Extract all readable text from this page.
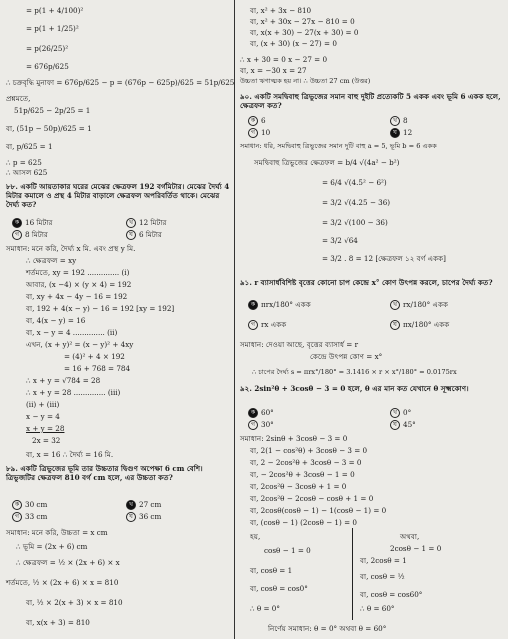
= p(1 + 4/100)²
= p(1 + 1/25)²
= p(26/25)²
= 676p/625
∴ চক্রবৃদ্ধি মুনাফা = 676p/625 − p = (676p − 625p)/625 = 51p/625
প্রশ্নমতে,
51p/625 − 2p/25 = 1
বা, (51p − 50p)/625 = 1
বা, p/625 = 1
∴ p = 625
∴ আসল 625
৮৮. একটি আয়তাকার ঘরের মেঝের ক্ষেত্রফল 192 বর্গমিটার। মেঝের দৈর্ঘ্য 4 মিটার কমালে ও প্রস্থ 4 মিটার বাড়ালে ক্ষেত্রফল অপরিবর্তিত থাকে। মেঝের দৈর্ঘ্য কত?
ক 16 মিটার	খ 12 মিটার
গ 8 মিটার	ঘ 6 মিটার
সমাধান: মনে করি, দৈর্ঘ্য x মি. এবং প্রস্থ y মি.
∴ ক্ষেত্রফল = xy
শর্তমতে, xy = 192 .............. (i)
আবার, (x −4) × (y × 4) = 192
বা, xy + 4x − 4y − 16 = 192
বা, 192 + 4(x − y) − 16 = 192 [xy = 192]
বা, 4(x − y) = 16
বা, x − y = 4 .............. (ii)
এখন, (x + y)² = (x − y)² + 4xy
= (4)² + 4 × 192
= 16 + 768 = 784
∴ x + y = √784 = 28
∴ x + y = 28 .............. (iii)
(ii) + (iii)
x − y = 4
x + y = 28
2x = 32
বা, x = 16 ∴ দৈর্ঘ্য = 16 মি.
৮৯. একটি ত্রিভুজের ভূমি তার উচ্চতার দ্বিগুণ অপেক্ষা 6 cm বেশি। ত্রিভুজটির ক্ষেত্রফল 810 বর্গ cm হলে, এর উচ্চতা কত?
ক 30 cm	খ 27 cm
গ 33 cm	ঘ 36 cm
সমাধান: মনে করি, উচ্চতা = x cm
∴ ভূমি = (2x + 6) cm
∴ ক্ষেত্রফল = ½ × (2x + 6) × x
শর্তমতে, ½ × (2x + 6) × x = 810
বা, ½ × 2(x + 3) × x = 810
বা, x(x + 3) = 810
বা, x² + 3x − 810
বা, x² + 30x − 27x − 810 = 0
বা, x(x + 30) − 27(x + 30) = 0
বা, (x + 30) (x − 27) = 0
∴ x + 30 = 0 x − 27 = 0
বা, x = −30 x = 27
উচ্চতা ঋণাত্মক হয় না। ∴ উচ্চতা 27 cm (উত্তর)
৯০. একটি সমদ্বিবাহু ত্রিভুজের সমান বাহু দুইটি প্রত্যেকটি 5 একক এবং ভূমি 6 একক হলে, ক্ষেত্রফল কত?
ক 6	খ 8
গ 10	ঘ 12
সমাধান: ধরি, সমদ্বিবাহু ত্রিভুজের সমান দুটি বাহু a = 5, ভূমি b = 6 একক
সমদ্বিবাহু ত্রিভুজের ক্ষেত্রফল = b/4 √(4a² − b²)
= 6/4 √(4.5² − 6²)
= 3/2 √(4.25 − 36)
= 3/2 √(100 − 36)
= 3/2 √64
= 3/2 . 8 = 12 [ক্ষেত্রফল ১২ বর্গ একক]
৯১. r ব্যাসার্ধবিশিষ্ট বৃত্তের কোনো চাপ কেন্দ্রে x° কোণ উৎপন্ন করলে, চাপের দৈর্ঘ্য কত?
ক πrx/180° একক	খ rx/180° একক
গ rx একক	ঘ πx/180° একক
সমাধান: দেওয়া আছে, বৃত্তের ব্যাসার্ধ = r
কেন্দ্রে উৎপন্ন কোণ = x°
∴ চাপের দৈর্ঘ্য s = πrx°/180° = 3.1416 × r × x°/180° = 0.0175rx
৯২. 2sin²θ + 3cosθ − 3 = 0 হলে, θ এর মান কত যেখানে θ সূক্ষ্মকোণ।
ক 60°	খ 0°
গ 30°	ঘ 45°
সমাধান: 2sinθ + 3cosθ − 3 = 0
বা, 2(1 − cos²θ) + 3cosθ − 3 = 0
বা, 2 − 2cos²θ + 3cosθ − 3 = 0
বা, − 2cos²θ + 3cosθ − 1 = 0
বা, 2cos²θ − 3cosθ + 1 = 0
বা, 2cos²θ − 2cosθ − cosθ + 1 = 0
বা, 2cosθ(cosθ − 1) − 1(cosθ − 1) = 0
বা, (cosθ − 1) (2cosθ − 1) = 0
হয়,
cosθ − 1 = 0
বা, cosθ = 1
বা, cosθ = cos0°
∴ θ = 0°
অথবা,
2cosθ − 1 = 0
বা, 2cosθ = 1
বা, cosθ = ½
বা, cosθ = cos60°
∴ θ = 60°
নির্ণেয় সমাধান: θ = 0° অথবা θ = 60°
